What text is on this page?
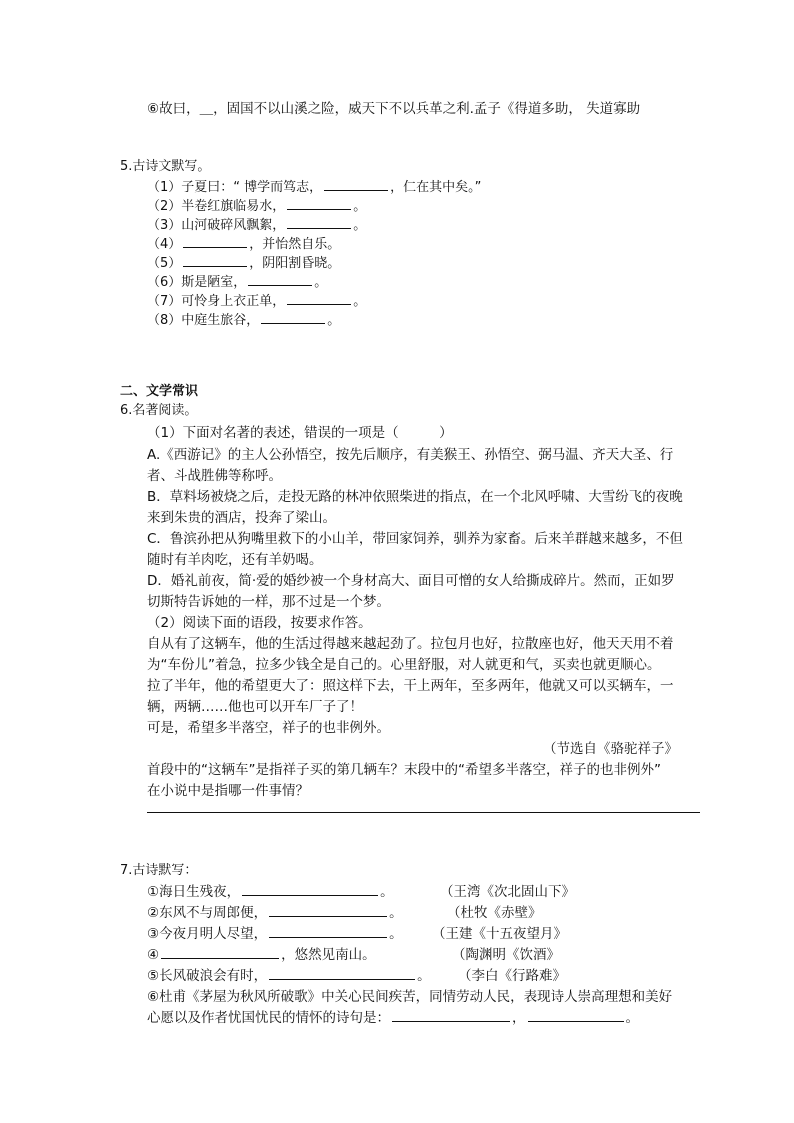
⑥故曰，＿，固国不以山溪之险，威天下不以兵革之利.孟子《得道多助， 失道寡助
5.古诗文默写。
（1）子夏曰：“ 博学而笃志，	，仁在其中矣。”
（2）半卷红旗临易水，	。
（3）山河破碎风飘絮，	。
（4）	，并怡然自乐。
（5）	，阴阳割昏晓。
（6）斯是陋室，	。
（7）可怜身上衣正单，	。
（8）中庭生旅谷，	。
二、文学常识
6.名著阅读。
（1）下面对名著的表述，错误的一项是（　　　）
A.《西游记》的主人公孙悟空，按先后顺序，有美猴王、孙悟空、弼马温、齐天大圣、行
者、斗战胜佛等称呼。
B．草料场被烧之后，走投无路的林冲依照柴进的指点，在一个北风呼啸、大雪纷飞的夜晚
来到朱贵的酒店，投奔了梁山。
C．鲁滨孙把从狗嘴里救下的小山羊，带回家饲养，驯养为家畜。后来羊群越来越多，不但
随时有羊肉吃，还有羊奶喝。
D．婚礼前夜，简·爱的婚纱被一个身材高大、面目可憎的女人给撕成碎片。然而，正如罗
切斯特告诉她的一样，那不过是一个梦。
（2）阅读下面的语段，按要求作答。
自从有了这辆车，他的生活过得越来越起劲了。拉包月也好，拉散座也好，他天天用不着
为“车份儿”着急，拉多少钱全是自己的。心里舒服，对人就更和气，买卖也就更顺心。
拉了半年，他的希望更大了：照这样下去，干上两年，至多两年，他就又可以买辆车，一
辆，两辆……他也可以开车厂子了！
可是，希望多半落空，祥子的也非例外。
（节选自《骆驼祥子》
首段中的“这辆车”是指祥子买的第几辆车？末段中的“希望多半落空，祥子的也非例外”
在小说中是指哪一件事情？
7.古诗默写：
①海日生残夜，	。	（王湾《次北固山下》
②东风不与周郎便，	。	（杜牧《赤壁》
③今夜月明人尽望，	。 （王建《十五夜望月》
④	，悠然见南山。	（陶渊明《饮酒》
⑤长风破浪会有时，	。 （李白《行路难》
⑥杜甫《茅屋为秋风所破歌》中关心民间疾苦，同情劳动人民，表现诗人崇高理想和美好
心愿以及作者忧国忧民的情怀的诗句是：	，	。
